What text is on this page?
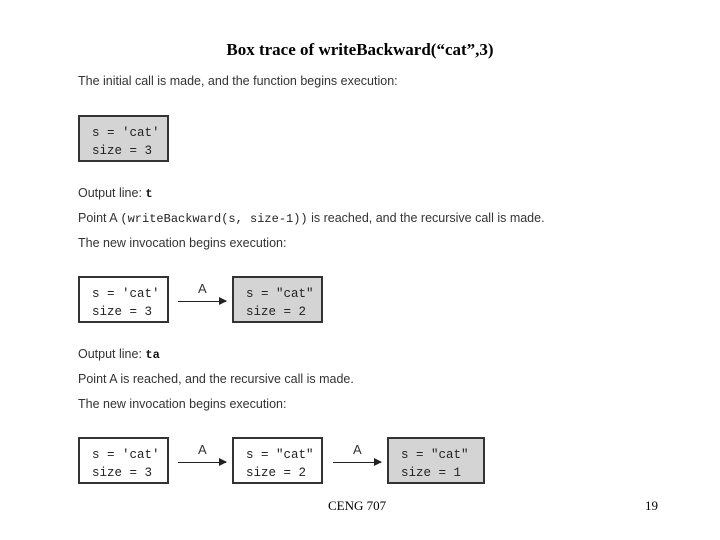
Box trace of writeBackward(“cat”,3)
The initial call is made, and the function begins execution:
s = 'cat'
size = 3
Output line: t
Point A (writeBackward(s, size-1)) is reached, and the recursive call is made.
The new invocation begins execution:
s = 'cat'
size = 3
A	s = "cat"
size = 2
Output line: ta
Point A is reached, and the recursive call is made.
The new invocation begins execution:
s = 'cat'
size = 3
A	s = "cat"
size = 2
A	s = "cat"
size = 1
CENG 707	19
